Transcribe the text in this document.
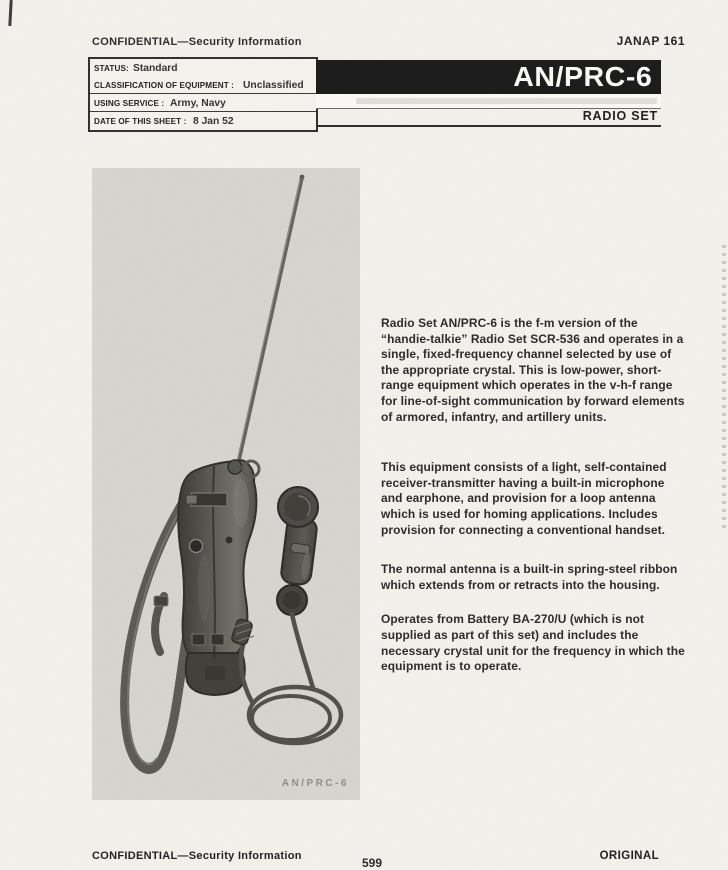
CONFIDENTIAL—Security Information	JANAP 161
STATUS: Standard
CLASSIFICATION OF EQUIPMENT : Unclassified
USING SERVICE : Army, Navy
DATE OF THIS SHEET : 8 Jan 52
AN/PRC-6
RADIO SET
AN/PRC-6

Radio Set AN/PRC-6 is the f-m version of the “handie-talkie” Radio Set SCR-536 and operates in a single, fixed-frequency channel selected by use of the appropriate crystal. This is low-power, short-range equipment which operates in the v-h-f range for line-of-sight communication by forward elements of armored, infantry, and artillery units.

This equipment consists of a light, self-contained receiver-transmitter having a built-in microphone and earphone, and provision for a loop antenna which is used for homing applications. Includes provision for connecting a conventional handset.

The normal antenna is a built-in spring-steel ribbon which extends from or retracts into the housing.

Operates from Battery BA-270/U (which is not supplied as part of this set) and includes the necessary crystal unit for the frequency in which the equipment is to operate.

CONFIDENTIAL—Security Information	599	ORIGINAL
